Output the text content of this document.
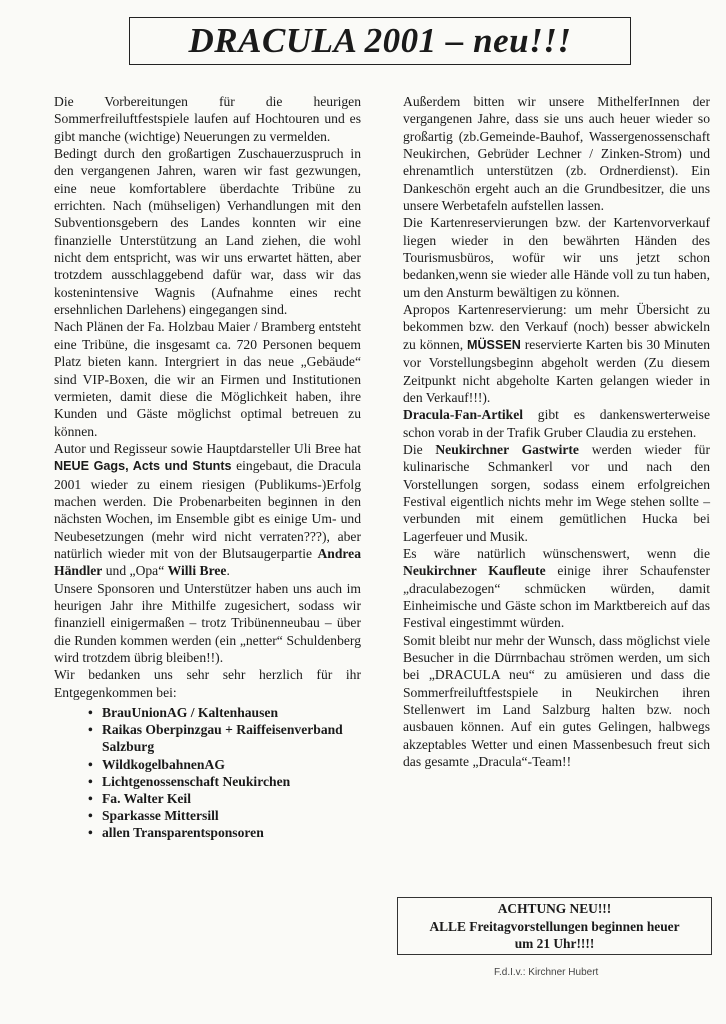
DRACULA 2001 – neu!!!

Die Vorbereitungen für die heurigen Sommerfreiluftfestspiele laufen auf Hochtouren und es gibt manche (wichtige) Neuerungen zu vermelden.

Bedingt durch den großartigen Zuschauerzuspruch in den vergangenen Jahren, waren wir fast gezwungen, eine neue komfortablere überdachte Tribüne zu errichten. Nach (mühseligen) Verhandlungen mit den Subventionsgebern des Landes konnten wir eine finanzielle Unterstützung an Land ziehen, die wohl nicht dem entspricht, was wir uns erwartet hätten, aber trotzdem ausschlaggebend dafür war, dass wir das kostenintensive Wagnis (Aufnahme eines recht ersehnlichen Darlehens) eingegangen sind.

Nach Plänen der Fa. Holzbau Maier / Bramberg entsteht eine Tribüne, die insgesamt ca. 720 Personen bequem Platz bieten kann. Intergriert in das neue „Gebäude“ sind VIP-Boxen, die wir an Firmen und Institutionen vermieten, damit diese die Möglichkeit haben, ihre Kunden und Gäste möglichst optimal betreuen zu können.

Autor und Regisseur sowie Hauptdarsteller Uli Bree hat NEUE Gags, Acts und Stunts eingebaut, die Dracula 2001 wieder zu einem riesigen (Publikums-)Erfolg machen werden. Die Probenarbeiten beginnen in den nächsten Wochen, im Ensemble gibt es einige Um- und Neubesetzungen (mehr wird nicht verraten???), aber natürlich wieder mit von der Blutsaugerpartie Andrea Händler und „Opa“ Willi Bree.

Unsere Sponsoren und Unterstützer haben uns auch im heurigen Jahr ihre Mithilfe zugesichert, sodass wir finanziell einigermaßen – trotz Tribünenneubau – über die Runden kommen werden (ein „netter“ Schuldenberg wird trotzdem übrig bleiben!!).

Wir bedanken uns sehr sehr herzlich für ihr Entgegenkommen bei:

• BrauUnionAG / Kaltenhausen
• Raikas Oberpinzgau + Raiffeisenverband Salzburg
• WildkogelbahnenAG
• Lichtgenossenschaft Neukirchen
• Fa. Walter Keil
• Sparkasse Mittersill
• allen Transparentsponsoren

Außerdem bitten wir unsere MithelferInnen der vergangenen Jahre, dass sie uns auch heuer wieder so großartig (zb.Gemeinde-Bauhof, Wassergenossenschaft Neukirchen, Gebrüder Lechner / Zinken-Strom) und ehrenamtlich unterstützen (zb. Ordnerdienst). Ein Dankeschön ergeht auch an die Grundbesitzer, die uns unsere Werbetafeln aufstellen lassen.

Die Kartenreservierungen bzw. der Kartenvorverkauf liegen wieder in den bewährten Händen des Tourismusbüros, wofür wir uns jetzt schon bedanken,wenn sie wieder alle Hände voll zu tun haben, um den Ansturm bewältigen zu können.

Apropos Kartenreservierung: um mehr Übersicht zu bekommen bzw. den Verkauf (noch) besser abwickeln zu können, MÜSSEN reservierte Karten bis 30 Minuten vor Vorstellungsbeginn abgeholt werden (Zu diesem Zeitpunkt nicht abgeholte Karten gelangen wieder in den Verkauf!!!).

Dracula-Fan-Artikel gibt es dankenswerterweise schon vorab in der Trafik Gruber Claudia zu erstehen.

Die Neukirchner Gastwirte werden wieder für kulinarische Schmankerl vor und nach den Vorstellungen sorgen, sodass einem erfolgreichen Festival eigentlich nichts mehr im Wege stehen sollte – verbunden mit einem gemütlichen Hucka bei Lagerfeuer und Musik.

Es wäre natürlich wünschenswert, wenn die Neukirchner Kaufleute einige ihrer Schaufenster „draculabezogen“ schmücken würden, damit Einheimische und Gäste schon im Marktbereich auf das Festival eingestimmt würden.

Somit bleibt nur mehr der Wunsch, dass möglichst viele Besucher in die Dürrnbachau strömen werden, um sich bei „DRACULA neu“ zu amüsieren und dass die Sommerfreiluftfestspiele in Neukirchen ihren Stellenwert im Land Salzburg halten bzw. noch ausbauen können. Auf ein gutes Gelingen, halbwegs akzeptables Wetter und einen Massenbesuch freut sich das gesamte „Dracula“-Team!!

ACHTUNG NEU!!!
ALLE Freitagvorstellungen beginnen heuer
um 21 Uhr!!!!
F.d.I.v.: Kirchner Hubert
